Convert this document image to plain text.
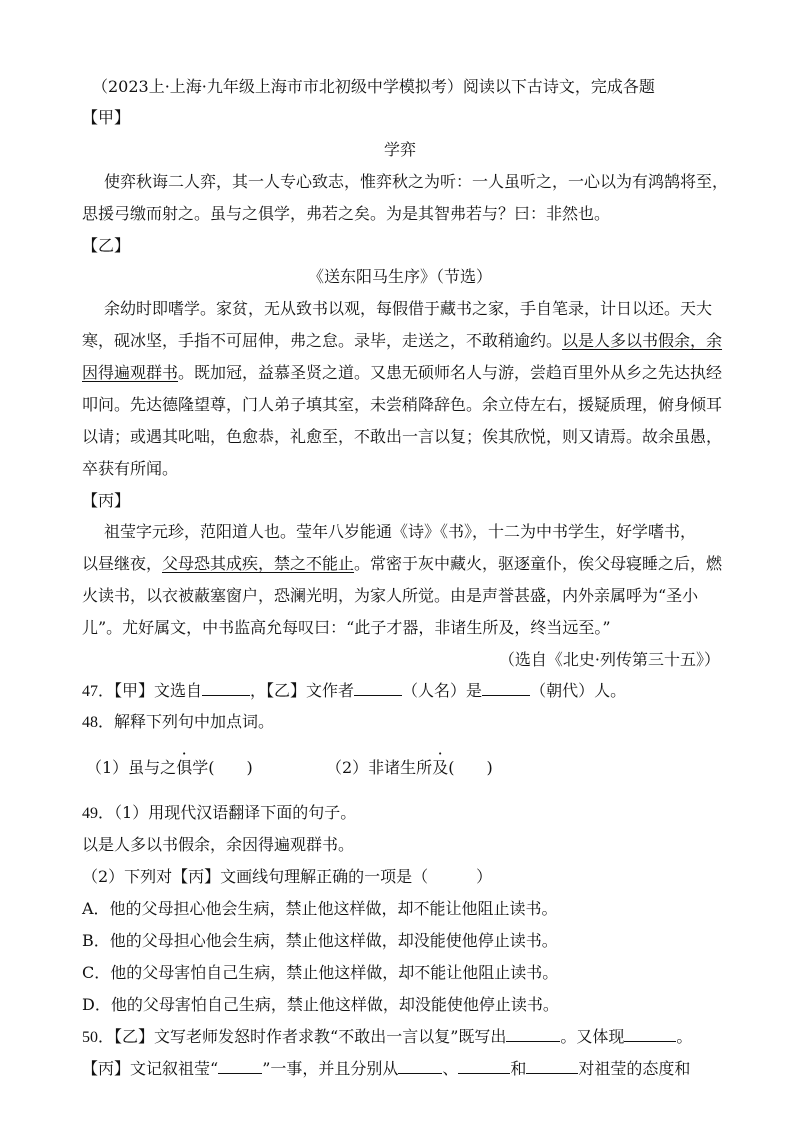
（2023上·上海·九年级上海市市北初级中学模拟考）阅读以下古诗文，完成各题
【甲】
学弈
使弈秋诲二人弈，其一人专心致志，惟弈秋之为听：一人虽听之，一心以为有鸿鹄将至，
思援弓缴而射之。虽与之俱学，弗若之矣。为是其智弗若与？曰：非然也。
【乙】
《送东阳马生序》（节选）
余幼时即嗜学。家贫，无从致书以观，每假借于藏书之家，手自笔录，计日以还。天大
寒，砚冰坚，手指不可屈伸，弗之怠。录毕，走送之，不敢稍逾约。以是人多以书假余，余
因得遍观群书。既加冠，益慕圣贤之道。又患无硕师名人与游，尝趋百里外从乡之先达执经
叩问。先达德隆望尊，门人弟子填其室，未尝稍降辞色。余立侍左右，援疑质理，俯身倾耳
以请；或遇其叱咄，色愈恭，礼愈至，不敢出一言以复；俟其欣悦，则又请焉。故余虽愚，
卒获有所闻。
【丙】
祖莹字元珍，范阳道人也。莹年八岁能通《诗》《书》，十二为中书学生，好学嗜书，
以昼继夜，父母恐其成疾，禁之不能止。常密于灰中藏火，驱逐童仆，俟父母寝睡之后，燃
火读书，以衣被蔽塞窗户，恐澜光明，为家人所觉。由是声誉甚盛，内外亲属呼为“圣小
儿”。尤好属文，中书监高允每叹曰：“此子才器，非诸生所及，终当远至。”
（选自《北史·列传第三十五》）
47．【甲】文选自	，【乙】文作者	（人名）是	（朝代）人。
48．解释下列句中加点词。
（1）虽与之俱学(　　)	（2）非诸生所及(　　)
49．（1）用现代汉语翻译下面的句子。
以是人多以书假余，余因得遍观群书。
（2）下列对【丙】文画线句理解正确的一项是（　　　）
A．他的父母担心他会生病，禁止他这样做，却不能让他阻止读书。
B．他的父母担心他会生病，禁止他这样做，却没能使他停止读书。
C．他的父母害怕自己生病，禁止他这样做，却不能让他阻止读书。
D．他的父母害怕自己生病，禁止他这样做，却没能使他停止读书。
50．【乙】文写老师发怒时作者求教“不敢出一言以复”既写出	。又体现	。
【丙】文记叙祖莹“	”一事，并且分别从	、	和	对祖莹的态度和
